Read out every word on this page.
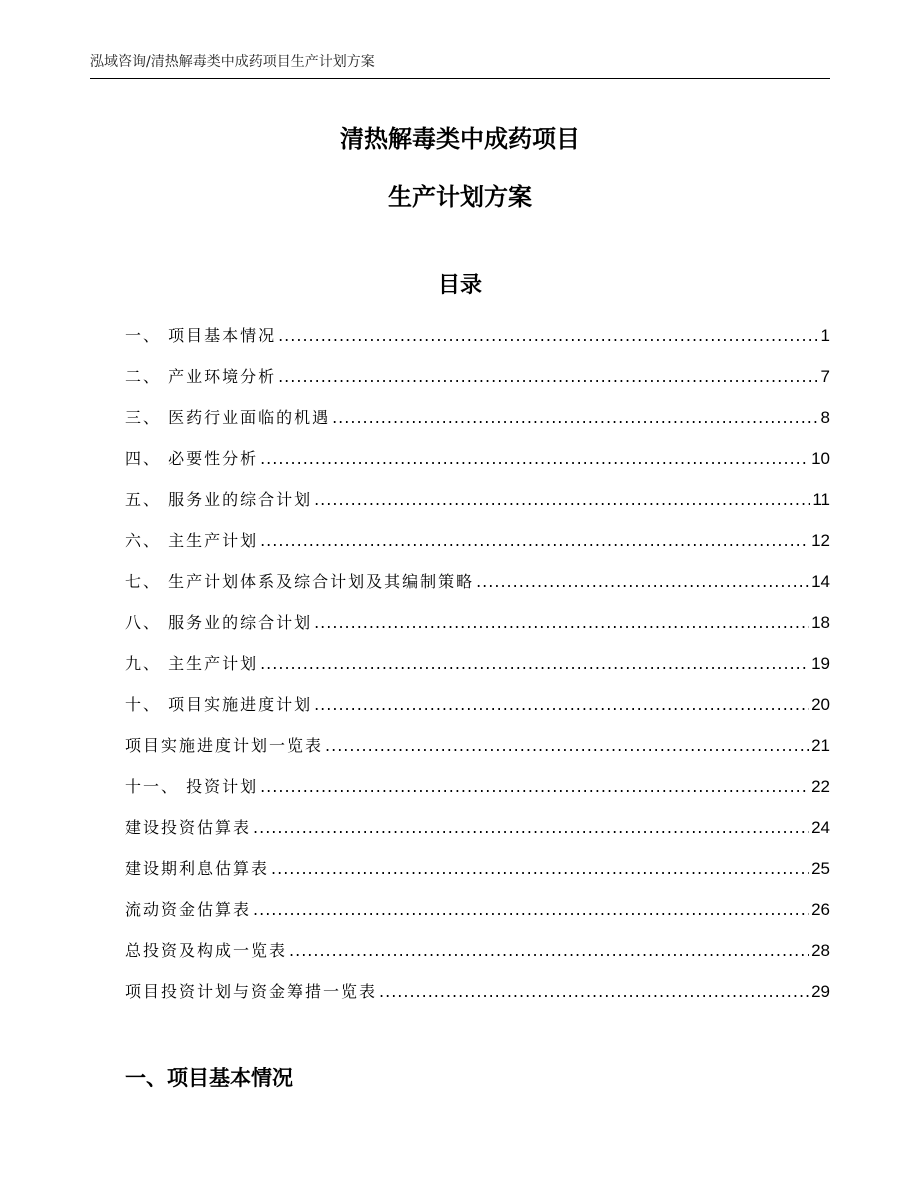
泓域咨询/清热解毒类中成药项目生产计划方案
清热解毒类中成药项目
生产计划方案
目录
一、 项目基本情况 .....	1
二、 产业环境分析 .....	7
三、 医药行业面临的机遇 .....	8
四、 必要性分析 .....	10
五、 服务业的综合计划 .....	11
六、 主生产计划 .....	12
七、 生产计划体系及综合计划及其编制策略 .....	14
八、 服务业的综合计划 .....	18
九、 主生产计划 .....	19
十、 项目实施进度计划 .....	20
项目实施进度计划一览表 .....	21
十一、 投资计划 .....	22
建设投资估算表 .....	24
建设期利息估算表 .....	25
流动资金估算表 .....	26
总投资及构成一览表 .....	28
项目投资计划与资金筹措一览表 .....	29
一、项目基本情况
